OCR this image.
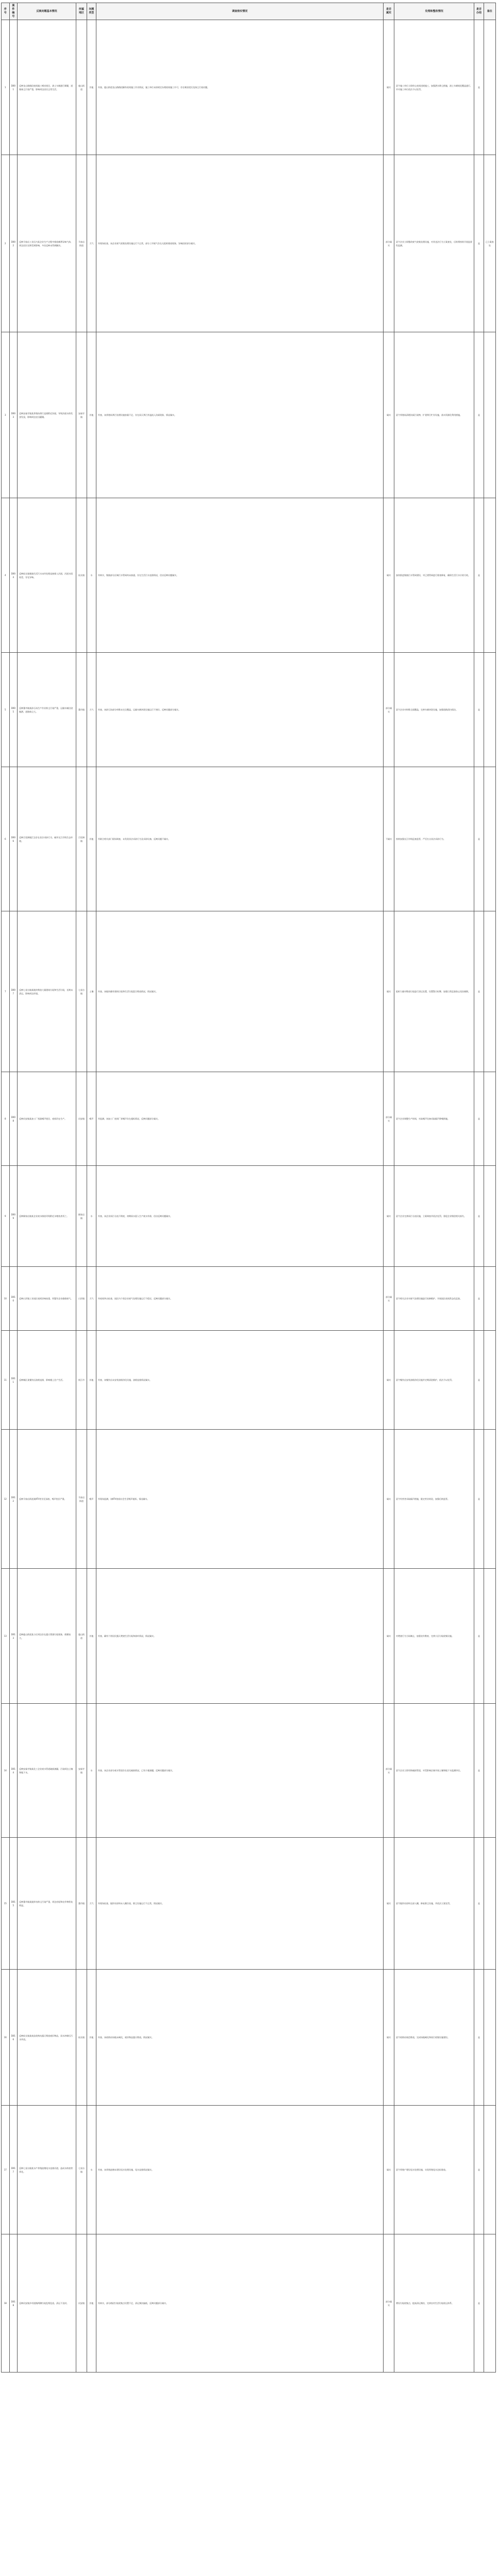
序号	案件编号	反映问题基本情况	所属地区	问题类型	调查核实情况	是否属实	处理和整改情况	是否办结	备注
1	D001	反映龙山路路段夜间施工噪音扰民，渣土车辆通行频繁，道路扬尘污染严重，影响周边居民正常生活。	鹿山街道	其他	经查，鹿山街道龙山路路段确有夜间施工作业情况，施工单位未按规定办理夜间施工许可，存在噪音扰民及扬尘污染问题。	属实	责令施工单位立即停止夜间违规施工，加强洒水降尘措施，渣土车辆规范覆盖通行，并对施工单位依法予以处罚。	是	
2	D002	反映马家店工业区内某企业生产过程中排放刺鼻异味气体，周边居民长期受到影响，多次反映未得到解决。	马家店街道	大气	经现场检查，该企业废气收集处理设施运行不正常，部分工序废气存在无组织排放现象，异味投诉部分属实。	部分属实	责令企业立即整改废气收集处理设施，对其违法行为立案查处，后续将持续开展监督性监测。	是	已立案查处
3	D003	反映安福寺镇某养殖场粪污直排附近沟渠，导致沟渠水体发黑发臭，影响周边农田灌溉。	安福寺镇	其他	经查，该养殖场粪污处理设施容量不足，存在雨天粪污外溢流入沟渠现象，情况属实。	属实	责令养殖场清理沟渠污染物，扩建粪污贮存设施，落实资源化利用措施。	是	
4	D004	反映仙女镇集镇生活污水未经处理直接排入河道，河道水质较差，存在异味。	仙女镇	水	经核实，集镇部分区域污水管网尚未接通，存在生活污水直排情况，信访反映问题属实。	属实	加快推进集镇污水管网建设，对已建管网进行排查修复，确保生活污水应收尽收。	是	
5	D005	反映董市镇某砂石场生产作业粉尘污染严重，运输车辆沿途抛洒，道路扬尘大。	董市镇	大气	经查，该砂石场部分料堆未完全覆盖，运输车辆冲洗设施运行不到位，反映问题部分属实。	部分属实	责令企业对料堆全面覆盖，完善车辆冲洗设施，加强道路清扫保洁。	是	
6	D006	反映百里洲镇江边存在非法采砂行为，破坏长江岸线生态环境。	百里洲镇	其他	经联合相关部门现场调查，未发现非法采砂行为及采砂设备，反映问题不属实。	不属实	持续加强长江岸线巡查监管，严厉打击非法采砂行为。	是	
7	D007	反映七星台镇某地块堆放大量建筑垃圾和生活垃圾，长期未清运，影响周边环境。	七星台镇	土壤	经查，该地块确有建筑垃圾和生活垃圾混合堆放情况，情况属实。	属实	组织力量对堆放垃圾进行清运处置，设置警示标牌，加强日常巡查防止再次倾倒。	是	
8	D008	反映问安镇某加工厂机器噪声扰民，夜间仍在生产。	问安镇	噪声	经监测，该加工厂夜间厂界噪声存在超标情况，反映问题部分属实。	部分属实	责令企业调整生产时间，对高噪声设备采取隔声降噪措施。	是	
9	D009	反映顾家店镇某企业废水排放导致附近水塘鱼类死亡。	顾家店镇	水	经查，该企业雨污分流不彻底，初期雨水混入生产废水外排，信访反映问题属实。	属实	责令企业完善雨污分流设施，立案调查并依法处罚，督促企业赔偿相关损失。	是	
10	D010	反映白洋镇工业园区夜间异味较重，怀疑有企业偷排废气。	白洋镇	大气	经夜间突击检查，园区内个别企业废气处理设施运行不稳定，反映问题部分属实。	部分属实	责令相关企业对废气处理设施进行检修维护，开展园区夜间常态化巡查。	是	
11	D011	反映城区某餐饮店油烟直排，影响楼上住户生活。	枝江市	其他	经查，该餐饮店未安装油烟净化设施，油烟直排情况属实。	属实	责令餐饮店安装油烟净化设施并定期清洗维护，依法予以处罚。	是	
12	D012	反映马家店街道某KTV营业至深夜，噪声扰民严重。	马家店街道	噪声	经现场监测，该KTV夜间社会生活噪声超标，情况属实。	属实	责令经营者采取隔声措施，限定营业时段，加强后续监管。	是	
13	D013	反映鹿山街道某小区周边存在露天焚烧垃圾现象，烟雾较大。	鹿山街道	其他	经查，确有个别居民露天焚烧生活垃圾和落叶情况，情况属实。	属实	对焚烧行为当场制止，加强宣传教育，完善小区垃圾收集设施。	是	
14	D014	反映安福寺镇某化工企业废水管道破损渗漏，污染周边土壤和地下水。	安福寺镇	水	经查，该企业部分废水管道存在老化破损情况，已有少量渗漏，反映问题部分属实。	部分属实	责令企业立即更换破损管道，对受影响区域开展土壤和地下水监测评估。	是	
15	D015	反映董市镇某搅拌站粉尘污染严重，周边房屋和农作物积灰明显。	董市镇	大气	经现场检查，搅拌站原料未入棚存放，除尘设施运行不正常，情况属实。	属实	责令搅拌站原料全部入棚，修复除尘设施，并依法立案处罚。	是	
16	D016	反映仙女镇某废品收购站露天堆放废旧物品，雨水冲刷后污水外流。	仙女镇	其他	经查，该收购站场地未硬化，废旧物品露天堆放，情况属实。	属实	责令收购站规范堆放，完成场地硬化和雨污收集设施建设。	是	
17	D017	反映七星台镇某水产养殖池塘尾水直排河道，造成水体富营养化。	七星台镇	水	经查，该养殖池塘未建设尾水处理设施，尾水直排情况属实。	属实	责令养殖户建设尾水处理设施，实现养殖尾水达标排放。	是	
18	D018	反映问安镇乡村道路两侧垃圾乱堆乱放，清运不及时。	问安镇	其他	经核实，部分路段垃圾收集点设置不足，清运频次偏低，反映问题部分属实。	部分属实	增设垃圾收集点，提高清运频次，完善农村生活垃圾收运体系。	是	
